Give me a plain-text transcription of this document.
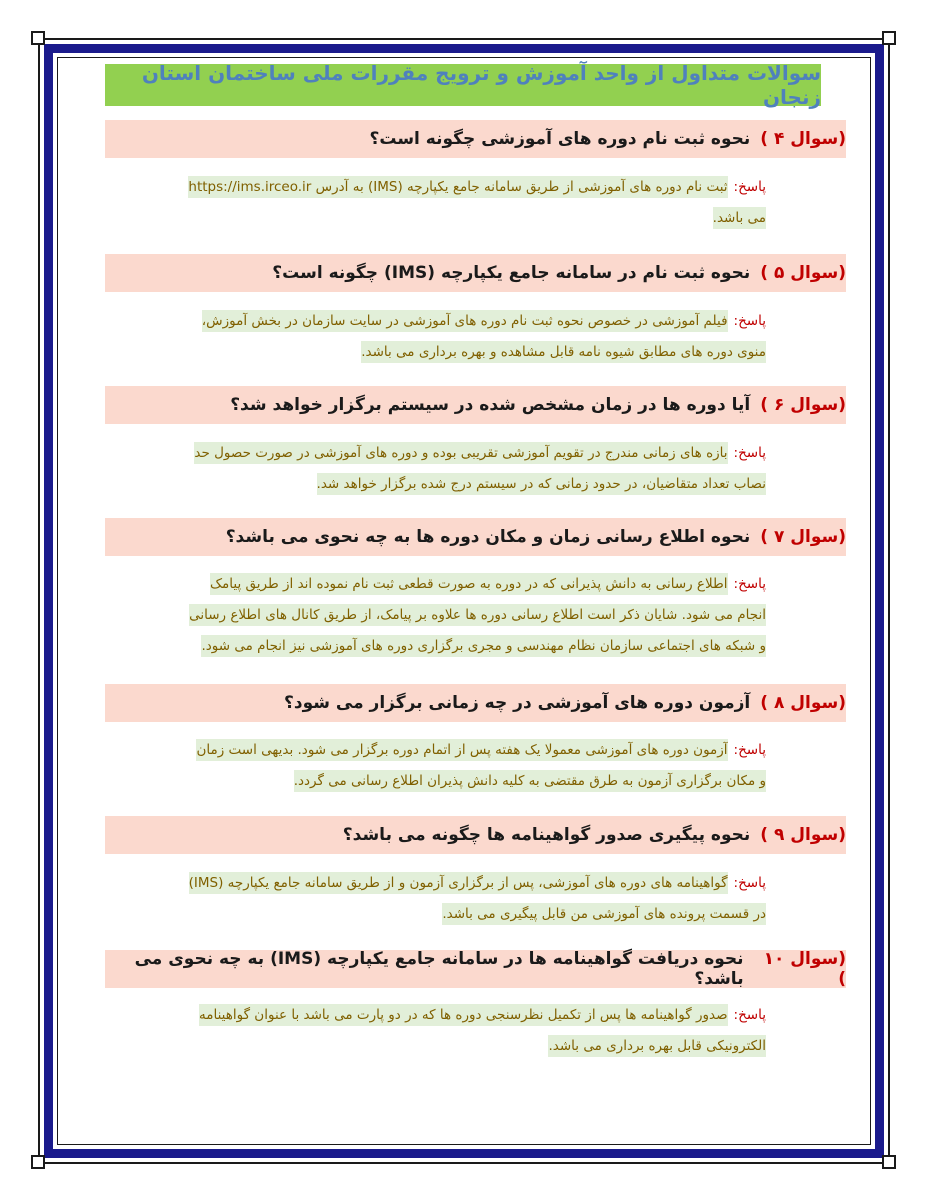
سوالات متداول از واحد آموزش و ترویج مقررات ملی ساختمان استان زنجان
(سوال ۴ )
نحوه ثبت نام دوره های آموزشی چگونه است؟
پاسخ:ثبت نام دوره های آموزشی از طریق سامانه جامع یکپارچه (IMS) به آدرس https://ims.irceo.ir
می باشد.
(سوال ۵ )
نحوه ثبت نام در سامانه جامع یکپارچه (IMS) چگونه است؟
پاسخ:فیلم آموزشی در خصوص نحوه ثبت نام دوره های آموزشی در سایت سازمان در بخش آموزش،
منوی دوره های مطابق شیوه نامه قابل مشاهده و بهره برداری می باشد.
(سوال ۶ )
آیا دوره ها در زمان مشخص شده در سیستم برگزار خواهد شد؟
پاسخ:بازه های زمانی مندرج در تقویم آموزشی تقریبی بوده و دوره های آموزشی در صورت حصول حد
نصاب تعداد متقاضیان، در حدود زمانی که در سیستم درج شده برگزار خواهد شد.
(سوال ۷ )
نحوه اطلاع رسانی زمان و مکان دوره ها به چه نحوی می باشد؟
پاسخ:اطلاع رسانی به دانش پذیرانی که در دوره به صورت قطعی ثبت نام نموده اند از طریق پیامک
انجام می شود. شایان ذکر است اطلاع رسانی دوره ها علاوه بر پیامک، از طریق کانال های اطلاع رسانی
و شبکه های اجتماعی سازمان نظام مهندسی و مجری برگزاری دوره های آموزشی نیز انجام می شود.
(سوال ۸ )
آزمون دوره های آموزشی در چه زمانی برگزار می شود؟
پاسخ:آزمون دوره های آموزشی معمولا یک هفته پس از اتمام دوره برگزار می شود. بدیهی است زمان
و مکان برگزاری آزمون به طرق مقتضی به کلیه دانش پذیران اطلاع رسانی می گردد.
(سوال ۹ )
نحوه پیگیری صدور گواهینامه ها چگونه می باشد؟
پاسخ:گواهینامه های دوره های آموزشی، پس از برگزاری آزمون و از طریق سامانه جامع یکپارچه (IMS)
در قسمت پرونده های آموزشی من قابل پیگیری می باشد.
(سوال ۱۰ )
نحوه دریافت گواهینامه ها در سامانه جامع یکپارچه (IMS) به چه نحوی می باشد؟
پاسخ:صدور گواهینامه ها پس از تکمیل نظرسنجی دوره ها که در دو پارت می باشد با عنوان گواهینامه
الکترونیکی قابل بهره برداری می باشد.
